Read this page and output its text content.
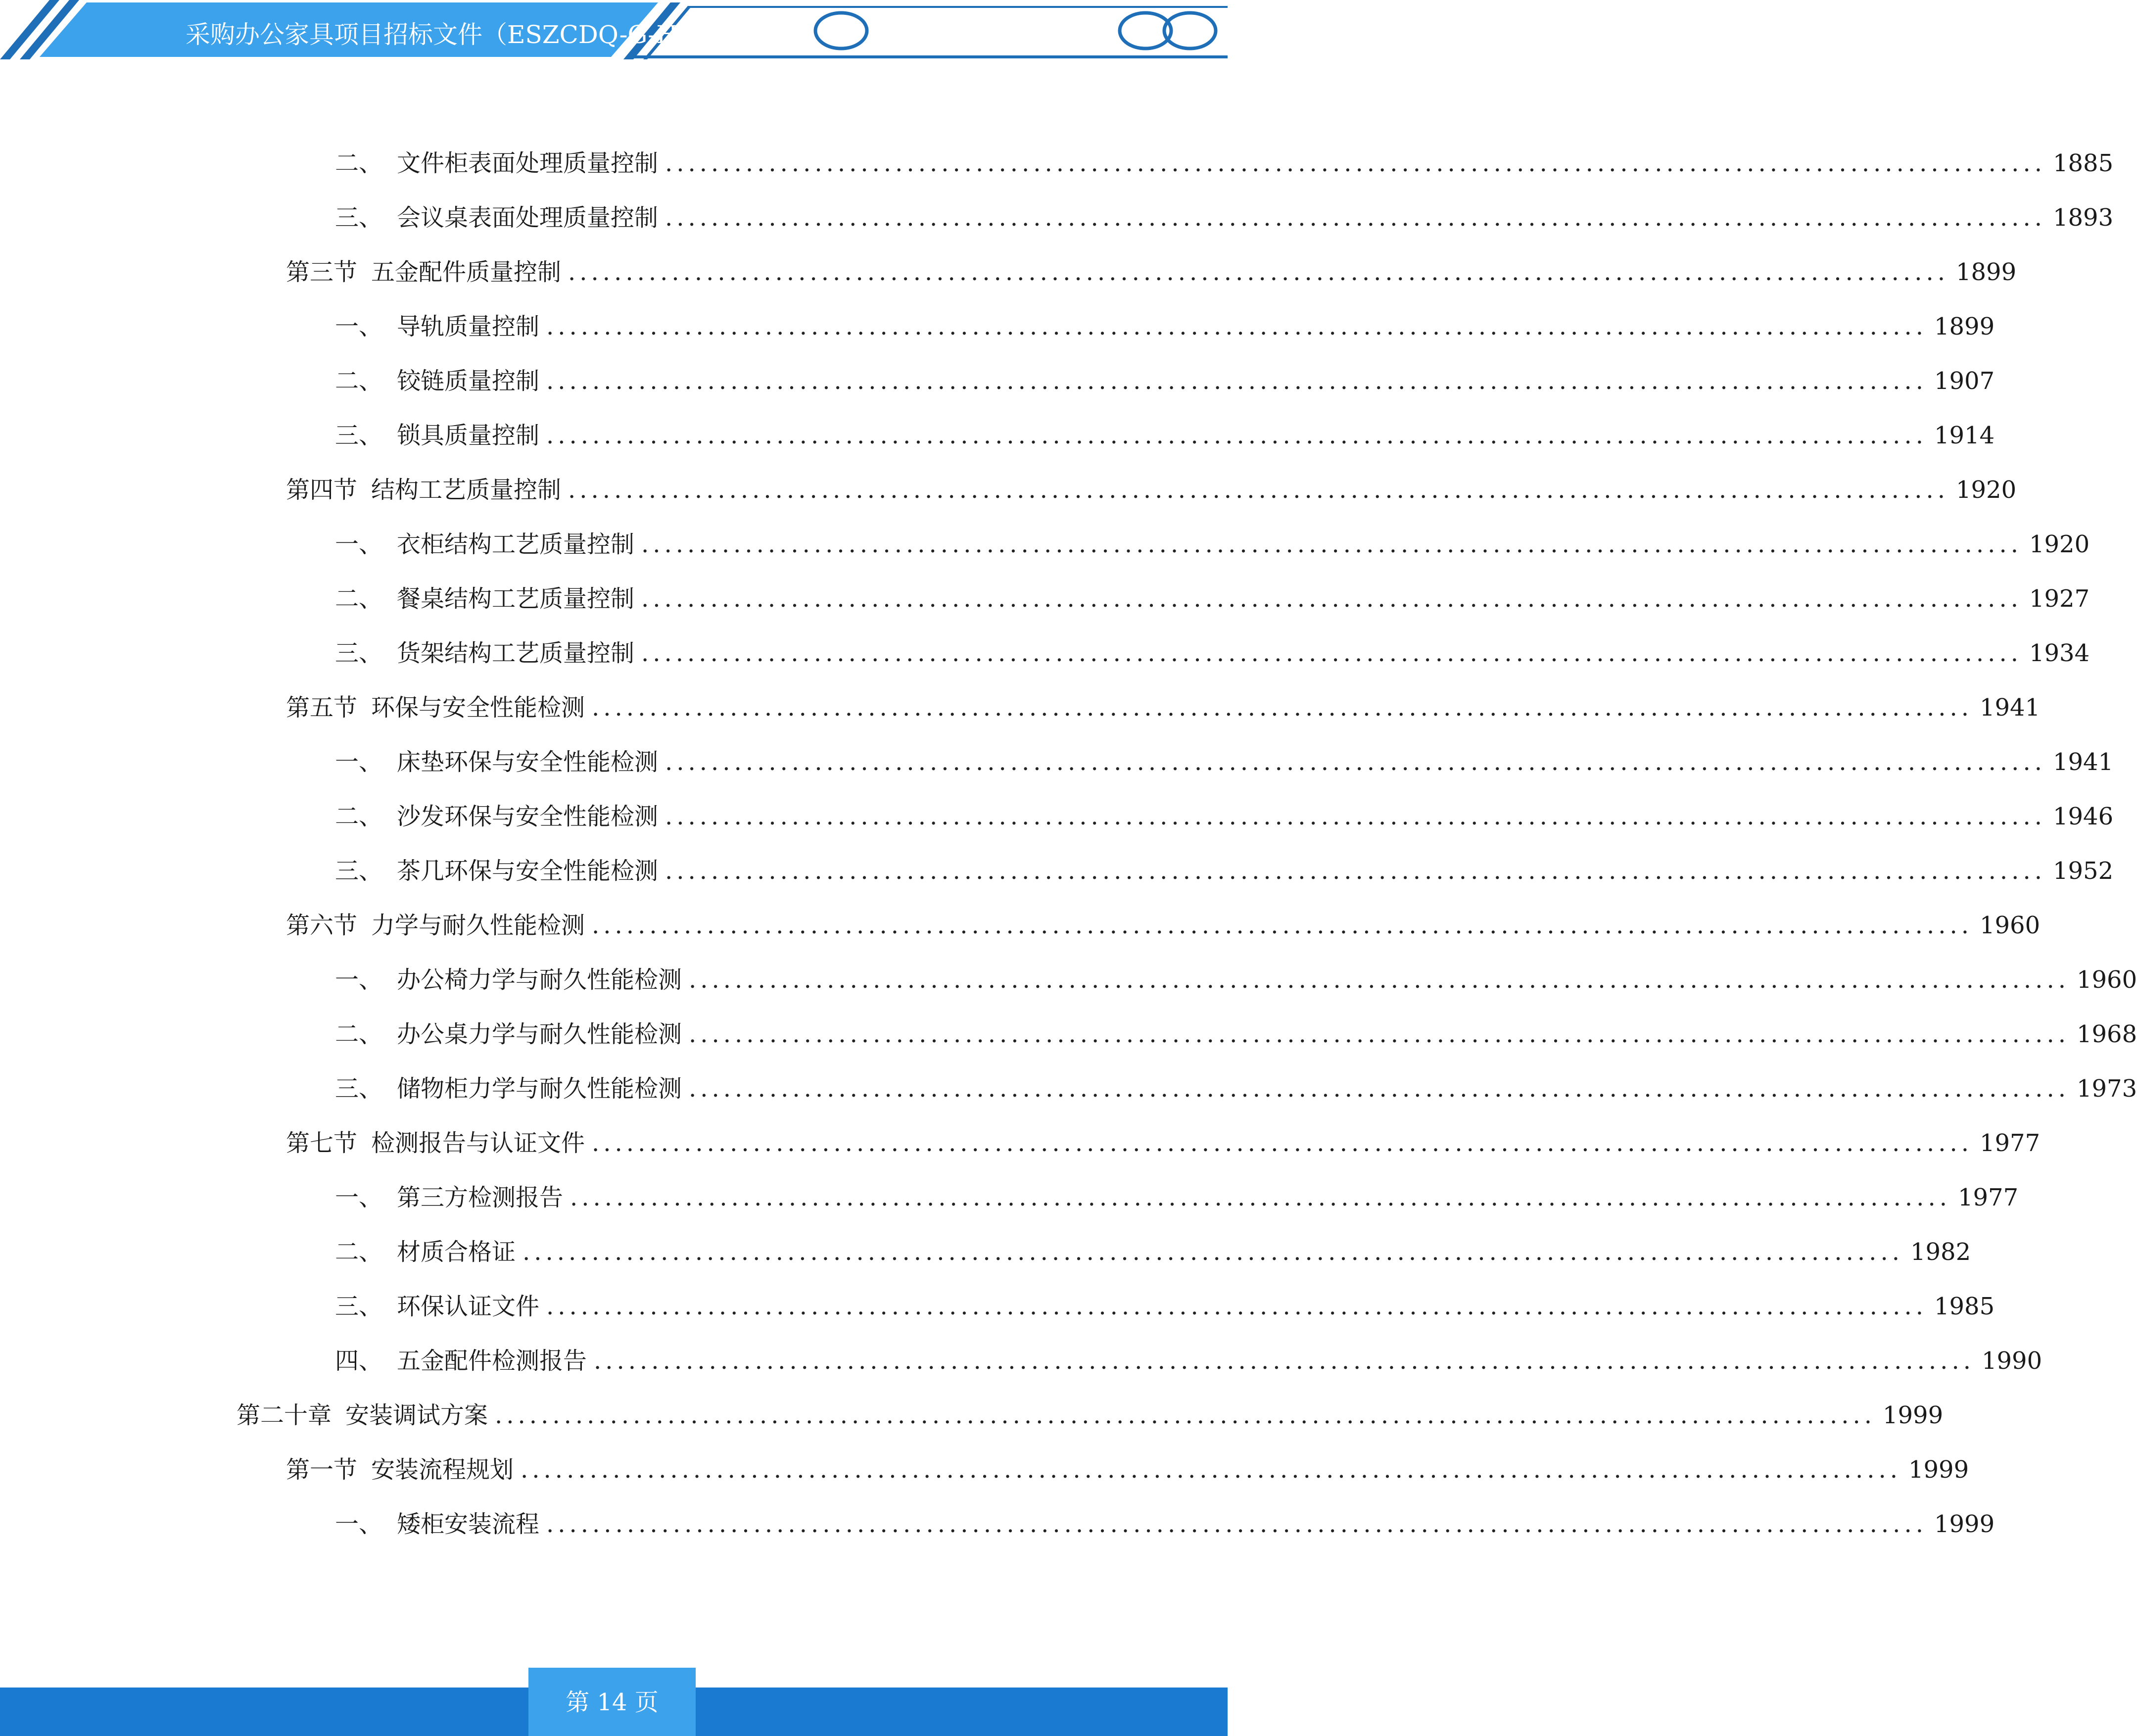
采购办公家具项目招标文件（ESZCDQ-G-H-
二、 文件柜表面处理质量控制 ........................................................................................................................ 1885
三、 会议桌表面处理质量控制 ........................................................................................................................ 1893
第三节 五金配件质量控制 ........................................................................................................................ 1899
一、 导轨质量控制 ........................................................................................................................ 1899
二、 铰链质量控制 ........................................................................................................................ 1907
三、 锁具质量控制 ........................................................................................................................ 1914
第四节 结构工艺质量控制 ........................................................................................................................ 1920
一、 衣柜结构工艺质量控制 ........................................................................................................................ 1920
二、 餐桌结构工艺质量控制 ........................................................................................................................ 1927
三、 货架结构工艺质量控制 ........................................................................................................................ 1934
第五节 环保与安全性能检测 ........................................................................................................................ 1941
一、 床垫环保与安全性能检测 ........................................................................................................................ 1941
二、 沙发环保与安全性能检测 ........................................................................................................................ 1946
三、 茶几环保与安全性能检测 ........................................................................................................................ 1952
第六节 力学与耐久性能检测 ........................................................................................................................ 1960
一、 办公椅力学与耐久性能检测 ........................................................................................................................ 1960
二、 办公桌力学与耐久性能检测 ........................................................................................................................ 1968
三、 储物柜力学与耐久性能检测 ........................................................................................................................ 1973
第七节 检测报告与认证文件 ........................................................................................................................ 1977
一、 第三方检测报告 ........................................................................................................................ 1977
二、 材质合格证 ........................................................................................................................ 1982
三、 环保认证文件 ........................................................................................................................ 1985
四、 五金配件检测报告 ........................................................................................................................ 1990
第二十章 安装调试方案 ........................................................................................................................ 1999
第一节 安装流程规划 ........................................................................................................................ 1999
一、 矮柜安装流程 ........................................................................................................................ 1999
第 14 页
